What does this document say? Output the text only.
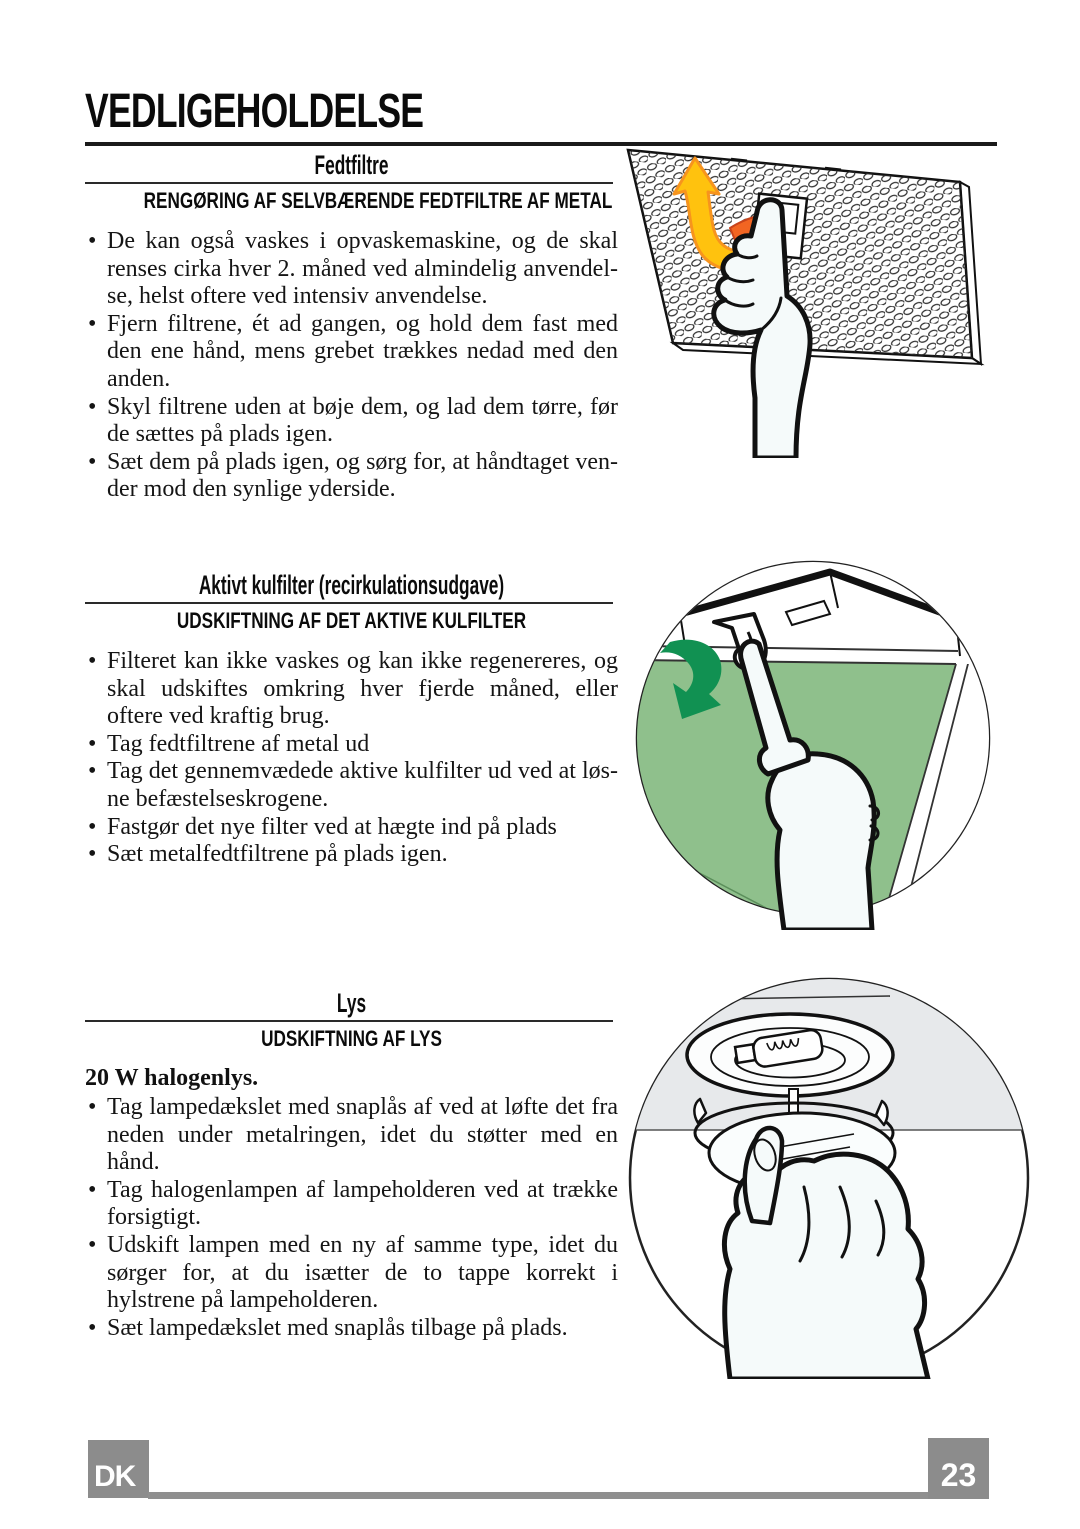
VEDLIGEHOLDELSE
Fedtfiltre
RENGØRING AF SELVBÆRENDE FEDTFILTRE AF METAL
• De kan også vaskes i opvaskemaskine, og de skal renses cirka hver 2. måned ved almindelig anvendel-se, helst oftere ved intensiv anvendelse.
• Fjern filtrene, ét ad gangen, og hold dem fast med den ene hånd, mens grebet trækkes nedad med den anden.
• Skyl filtrene uden at bøje dem, og lad dem tørre, før de sættes på plads igen.
• Sæt dem på plads igen, og sørg for, at håndtaget ven-der mod den synlige yderside.
Aktivt kulfilter (recirkulationsudgave)
UDSKIFTNING AF DET AKTIVE KULFILTER
• Filteret kan ikke vaskes og kan ikke regenereres, og skal udskiftes omkring hver fjerde måned, eller oftere ved kraftig brug.
• Tag fedtfiltrene af metal ud
• Tag det gennemvædede aktive kulfilter ud ved at løs-ne befæstelseskrogene.
• Fastgør det nye filter ved at hægte ind på plads
• Sæt metalfedtfiltrene på plads igen.
Lys
UDSKIFTNING AF LYS

20 W halogenlys.

• Tag lampedækslet med snaplås af ved at løfte det fra neden under metalringen, idet du støtter med en hånd.
• Tag halogenlampen af lampeholderen ved at trække forsigtigt.
• Udskift lampen med en ny af samme type, idet du sørger for, at du isætter de to tappe korrekt i hylstrene på lampeholderen.
• Sæt lampedækslet med snaplås tilbage på plads.
DK	23
